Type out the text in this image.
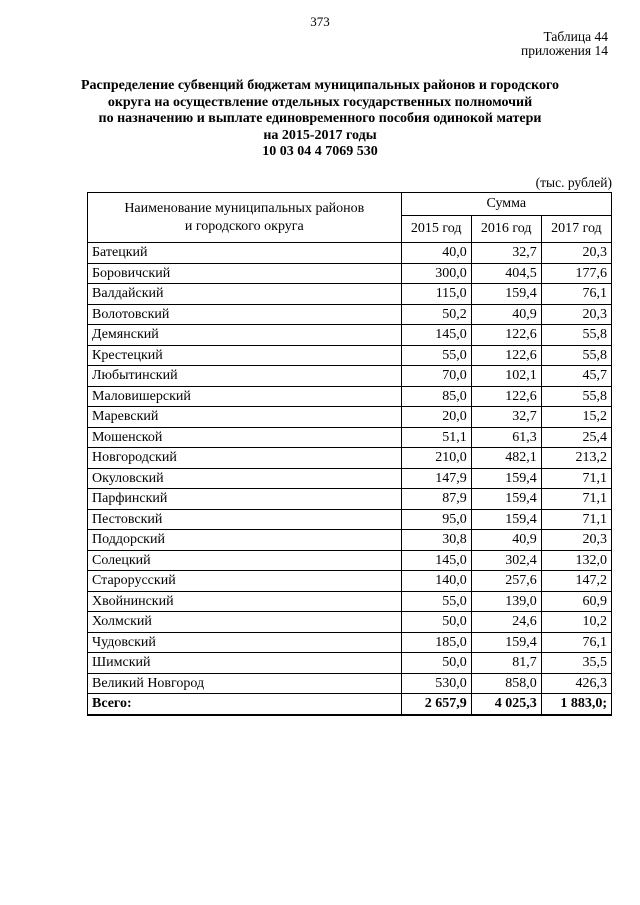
373
Таблица 44
приложения 14
Распределение субвенций бюджетам муниципальных районов и городского
округа на осуществление отдельных государственных полномочий
по назначению и выплате единовременного пособия одинокой матери
на 2015-2017 годы
10 03 04 4 7069 530
(тыс. рублей)
Наименование муниципальных районов
и городского округа	Сумма		
	2015 год	2016 год	2017 год
Батецкий	40,0	32,7	20,3
Боровичский	300,0	404,5	177,6
Валдайский	115,0	159,4	76,1
Волотовский	50,2	40,9	20,3
Демянский	145,0	122,6	55,8
Крестецкий	55,0	122,6	55,8
Любытинский	70,0	102,1	45,7
Маловишерский	85,0	122,6	55,8
Маревский	20,0	32,7	15,2
Мошенской	51,1	61,3	25,4
Новгородский	210,0	482,1	213,2
Окуловский	147,9	159,4	71,1
Парфинский	87,9	159,4	71,1
Пестовский	95,0	159,4	71,1
Поддорский	30,8	40,9	20,3
Солецкий	145,0	302,4	132,0
Старорусский	140,0	257,6	147,2
Хвойнинский	55,0	139,0	60,9
Холмский	50,0	24,6	10,2
Чудовский	185,0	159,4	76,1
Шимский	50,0	81,7	35,5
Великий Новгород	530,0	858,0	426,3
Всего:	2 657,9	4 025,3	1 883,0;
